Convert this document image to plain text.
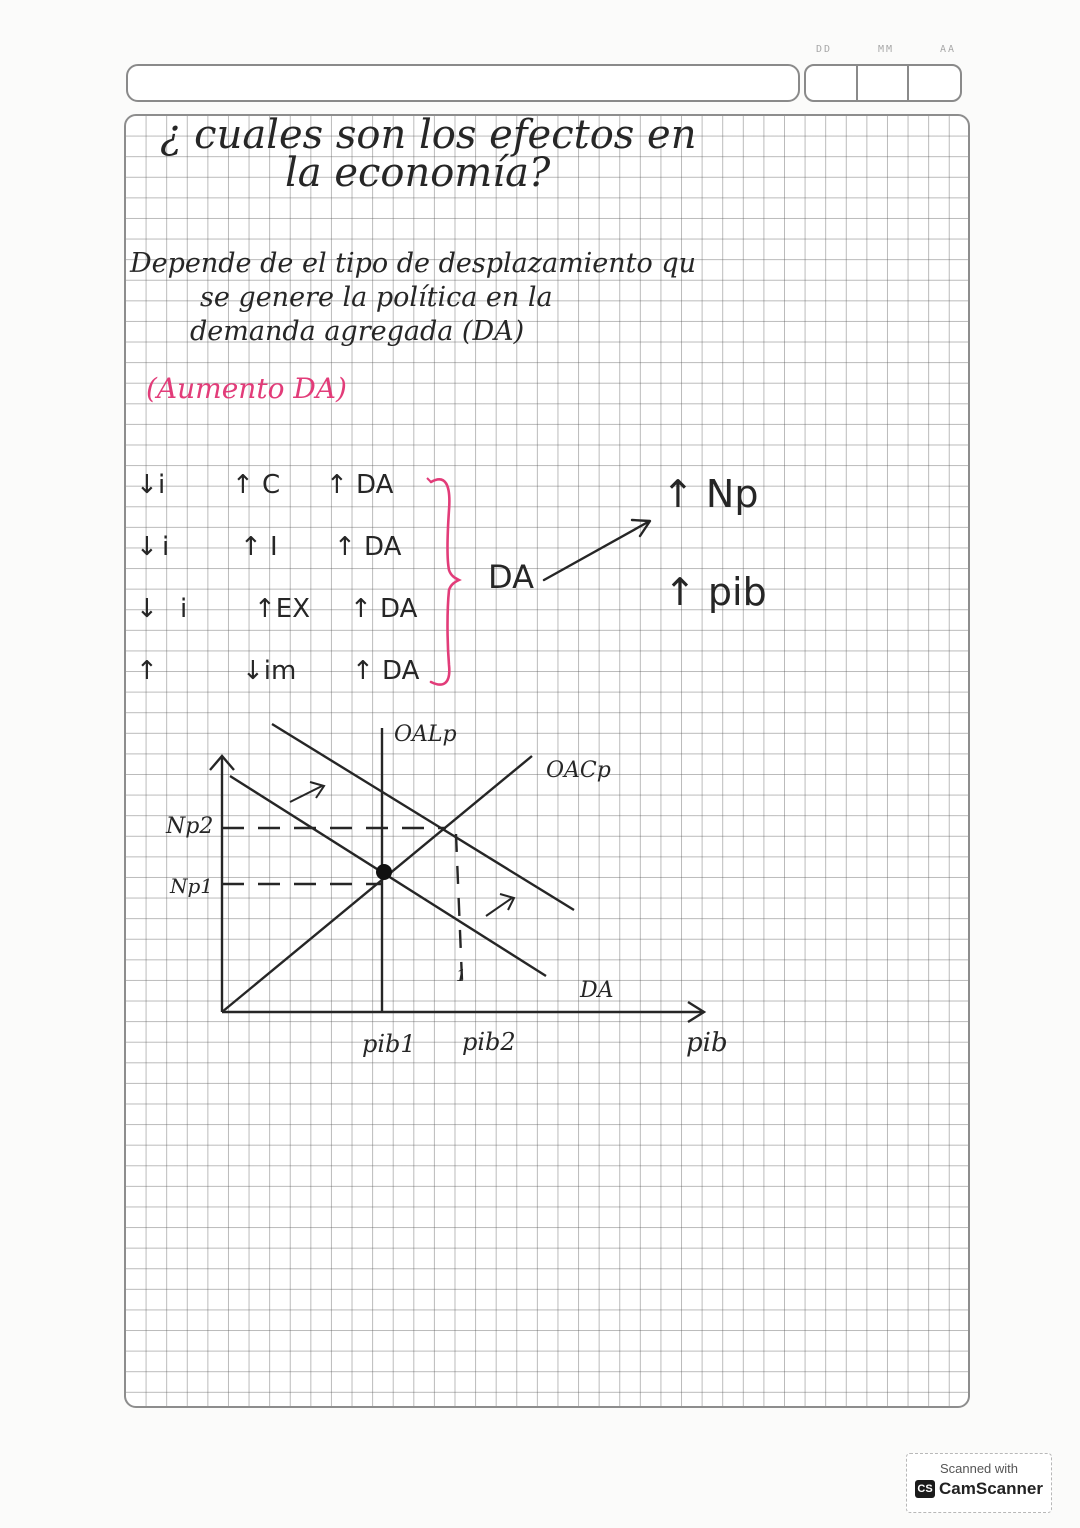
DD	MM	AA
¿ cuales son los efectos en
la economía?
Depende de el tipo de desplazamiento qu
se genere la política en la
demanda agregada (DA)
(Aumento DA)
↓ i	↑ C ↑ DA
↓ i	↑ I ↑ DA
↓ i	↑EX ↑ DA
↑	↓im ↑ DA
DA
↑ Np
↑ pib
OALp
OACp
Np2
Np1
1
DA
pib1 pib2	pib
Scanned with
CS CamScanner
